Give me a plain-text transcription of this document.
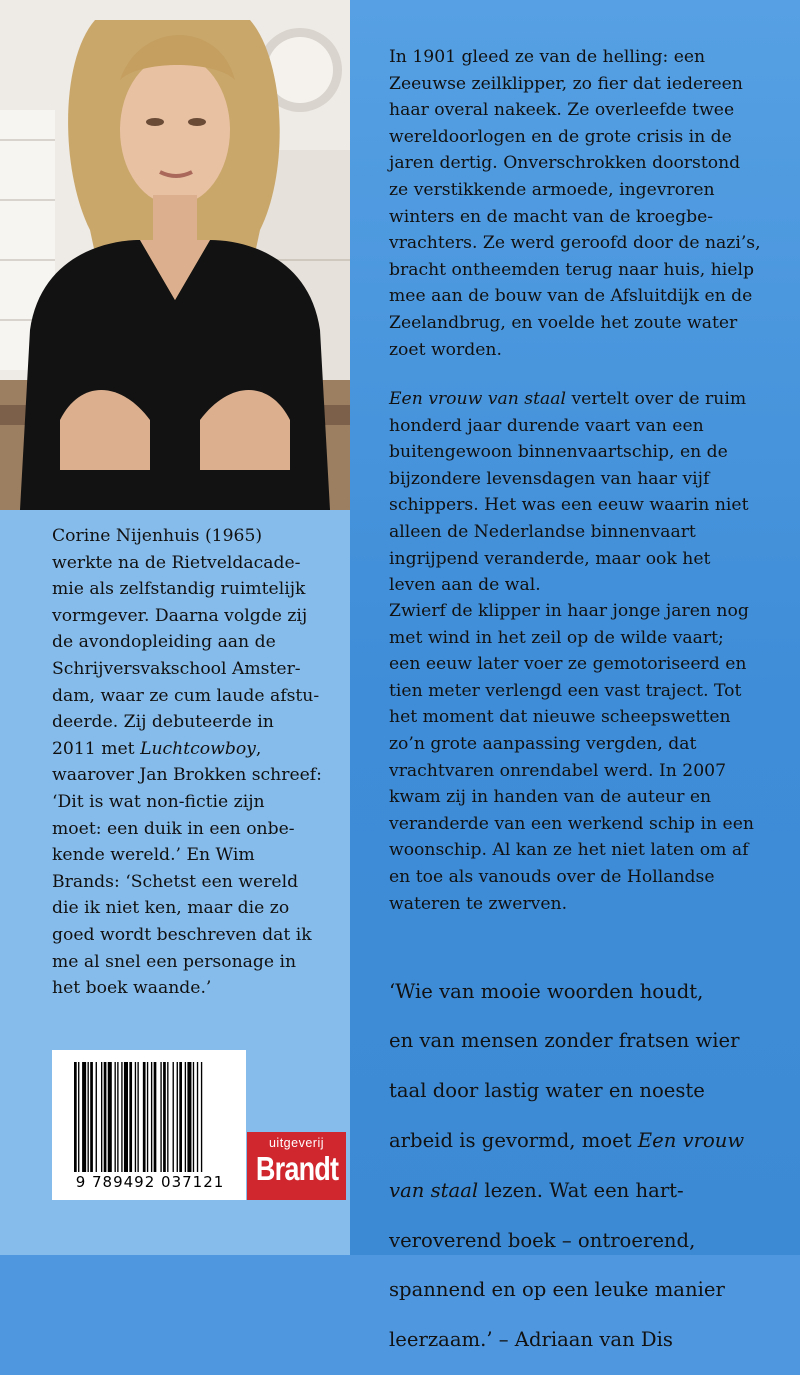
Corine Nijenhuis (1965)

werkte na de Rietveldacade-

mie als zelfstandig ruimtelijk

vormgever. Daarna volgde zij

de avondopleiding aan de

Schrijversvakschool Amster-

dam, waar ze cum laude afstu-

deerde. Zij debuteerde in

2011 met Luchtcowboy,

waarover Jan Brokken schreef:

‘Dit is wat non-fictie zijn

moet: een duik in een onbe-

kende wereld.’ En Wim

Brands: ‘Schetst een wereld

die ik niet ken, maar die zo

goed wordt beschreven dat ik

me al snel een personage in

het boek waande.’

9 789492 037121
uitgeverij
Brandt

In 1901 gleed ze van de helling: een

Zeeuwse zeilklipper, zo fier dat iedereen

haar overal nakeek. Ze overleefde twee

wereldoorlogen en de grote crisis in de

jaren dertig. Onverschrokken doorstond

ze verstikkende armoede, ingevroren

winters en de macht van de kroegbe-

vrachters. Ze werd geroofd door de nazi’s,

bracht ontheemden terug naar huis, hielp

mee aan de bouw van de Afsluitdijk en de

Zeelandbrug, en voelde het zoute water

zoet worden.

Een vrouw van staal vertelt over de ruim

honderd jaar durende vaart van een

buitengewoon binnenvaartschip, en de

bijzondere levensdagen van haar vijf

schippers. Het was een eeuw waarin niet

alleen de Nederlandse binnenvaart

ingrijpend veranderde, maar ook het

leven aan de wal.

Zwierf de klipper in haar jonge jaren nog

met wind in het zeil op de wilde vaart;

een eeuw later voer ze gemotoriseerd en

tien meter verlengd een vast traject. Tot

het moment dat nieuwe scheepswetten

zo’n grote aanpassing vergden, dat

vrachtvaren onrendabel werd. In 2007

kwam zij in handen van de auteur en

veranderde van een werkend schip in een

woonschip. Al kan ze het niet laten om af

en toe als vanouds over de Hollandse

wateren te zwerven.

‘Wie van mooie woorden houdt,

en van mensen zonder fratsen wier

taal door lastig water en noeste

arbeid is gevormd, moet Een vrouw

van staal lezen. Wat een hart-

veroverend boek – ontroerend,

spannend en op een leuke manier

leerzaam.’ – Adriaan van Dis
